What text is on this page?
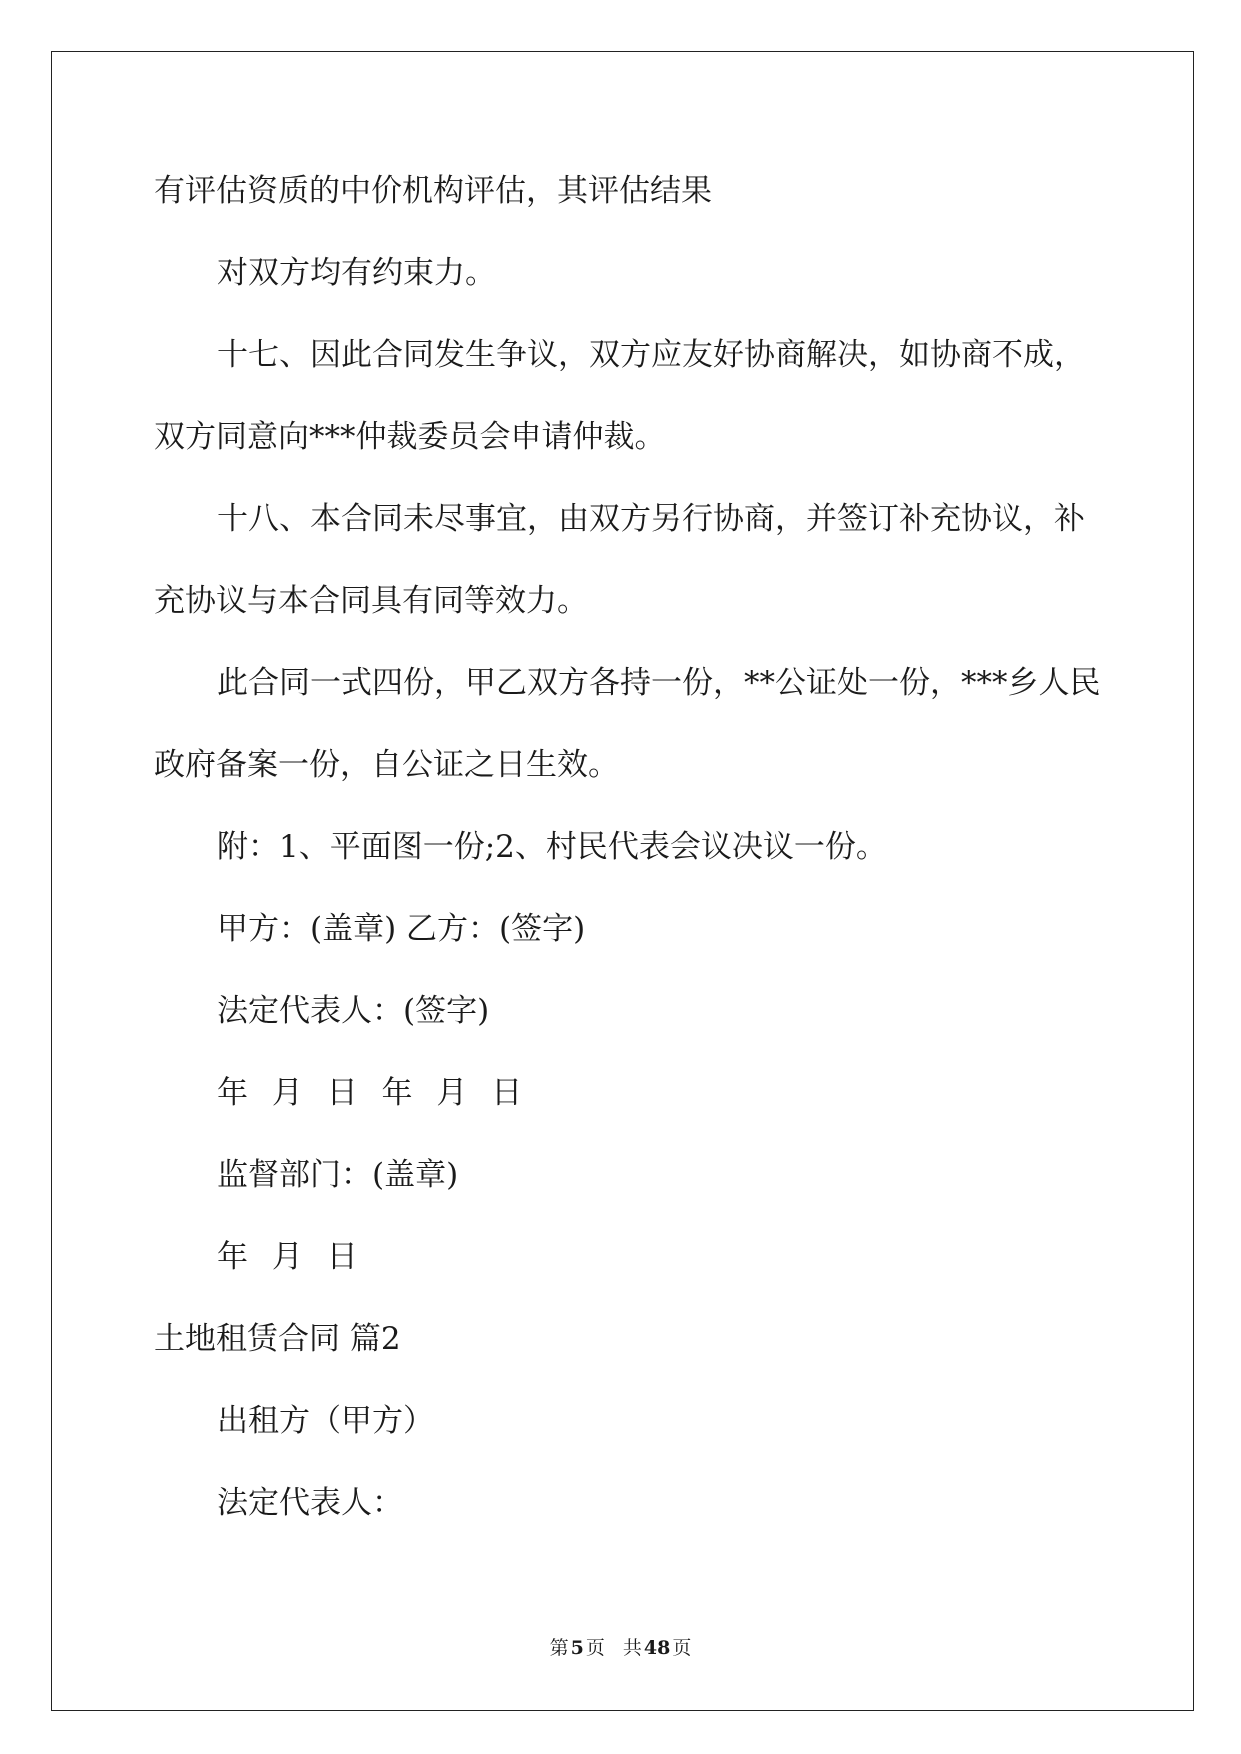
有评估资质的中价机构评估，其评估结果
对双方均有约束力。
十七、因此合同发生争议，双方应友好协商解决，如协商不成，
双方同意向***仲裁委员会申请仲裁。
十八、本合同未尽事宜，由双方另行协商，并签订补充协议，补
充协议与本合同具有同等效力。
此合同一式四份，甲乙双方各持一份，**公证处一份，***乡人民
政府备案一份，自公证之日生效。
附：1、平面图一份;2、村民代表会议决议一份。
甲方：(盖章) 乙方：(签字)
法定代表人：(签字)
年 月 日 年 月 日
监督部门：(盖章)
年 月 日
土地租赁合同 篇2
出租方（甲方）
法定代表人：
第 5 页 共 48 页
